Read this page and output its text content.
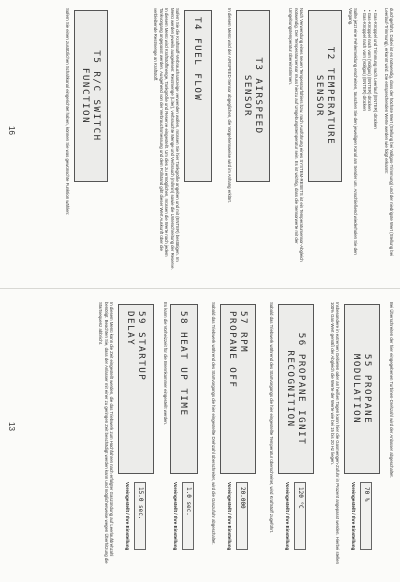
durchgeführt. Dabei ist es notwendig, dass der höchste Wert (Stellung bei Vollgas-Trimmung) und der niedrigste Wert (Stellung bei Leerlauf-Trimmung), erkannt wird. Die entsprechenden Werte werden wie folgt erkannt:

• Gas-Knüppel und Trimmung nach Leerlauf (ENTER) drücken
• Gas-Knüppel nach vorn (Vollgas) (ENTER) drücken
• Gas-Knüppel nach vorn (Vollgas) (ENTER) drücken

Sollte jetzt eine Fehlermeldung erscheinen, tauschen Sie den jeweiligen Kanal am Sender um. Anschließend wiederholen Sie den Vorgang.

T2 TEMPERATURE
SENSOR

Nach Verwendung eines neuen Temperaturfühlers bzw. nach Ausführung eines SYSTEM-RESETS ist ein Temperatursensor-Abgleich notwendig. Der Temperatursensor muss hierzu auf Umgebungstemperatur sein. Es ist wichtig, dass die Sensorwerte mit der Umgebungstemperatur übereinstimmen.

T3 AIRSPEED
SENSOR

In diesem Menü wird der AIRSPEED-Sensor abgeglichen, die Vorgehensweise wird im Anhang erklärt.

T4 FUEL FLOW

Sofern Sie die Kraftstoff-Verbrauchsanzeige verwenden wollen, müssen Sie hier Tankgröße angeben und mit (ENTER) bestätigen. Im Menü werden jeweils ausgelesen: Restmenge (Liter), verbrauchte Menge und Verbrauch (ml/min) sowie die Unterschreitung der Reserve. In diesem Menü wird Kraftstoffmenge, Tankgröße und Reserve eingestellt. Um dies zu ermöglichen, müssen die Werte nach jedem Tankvorgang angepasst werden. Ausgehend von der Verbrauchsmessung und dem Füllstand gibt dieser Wert Auskunft über die verbleibende Restmenge an Kraftstoff.

T5 R/C SWITCH
FUNCTION

Sofern Sie einen zusätzlichen Schaltkanal eingerichtet haben, können Sie was gewünschte Funktion wählen:

16

Bei Überschreiten der hier eingegebenen Turbinen-Drehzahl wird der Anlasser abgeschaltet.

55 PROPANE
MODULATION
70 %
Voreingestellt / Ihre Einstellung

Insbesondere in extremen Gebieten oder an heißen Tagen kann hier die Gasmengen-Zufuhr in Prozent angepasst werden. Hierbei stellen 100% Gas-Wert gemäß der Abgleich die Werte der Werte wie bei 15 bis 20 Hz liegen.

56 PROPANE IGNIT
RECOGNITION
120 °C
Voreingestellt / Ihre Einstellung

Sobald das Triebwerk während des Startvorgangs die hier eingestellte Temperatur überschreitet, wird Kraftstoff zugeführt.

57 RPM
PROPANE OFF
20.000
Voreingestellt / Ihre Einstellung

Sobald das Triebwerk während des Startvorgangs die hier eingestellte Drehzahl überschreitet, wird die Gaszufuhr abgeschaltet.

58 HEAT UP TIME
1.0 sec.
Voreingestellt / Ihre Einstellung

Es kann die Vorheizzeit für die Brennkammer eingestellt werden.

59 STARTUP
DELAY
15.0 sec.
Voreingestellt / Ihre Einstellung

In diesem Menü kann die Zeit eingestellt werden, die das Triebwerk zum Hochfahren nach erfolgter Gaszündung auf Leerlaufdrehzahl benötigt. Beachten Sie, dass der Anlasser mit einer zu geringen Zeit beschädigt werden kann und möglicherweise wegen Überhitzung die Startsequenz abbricht.

13
